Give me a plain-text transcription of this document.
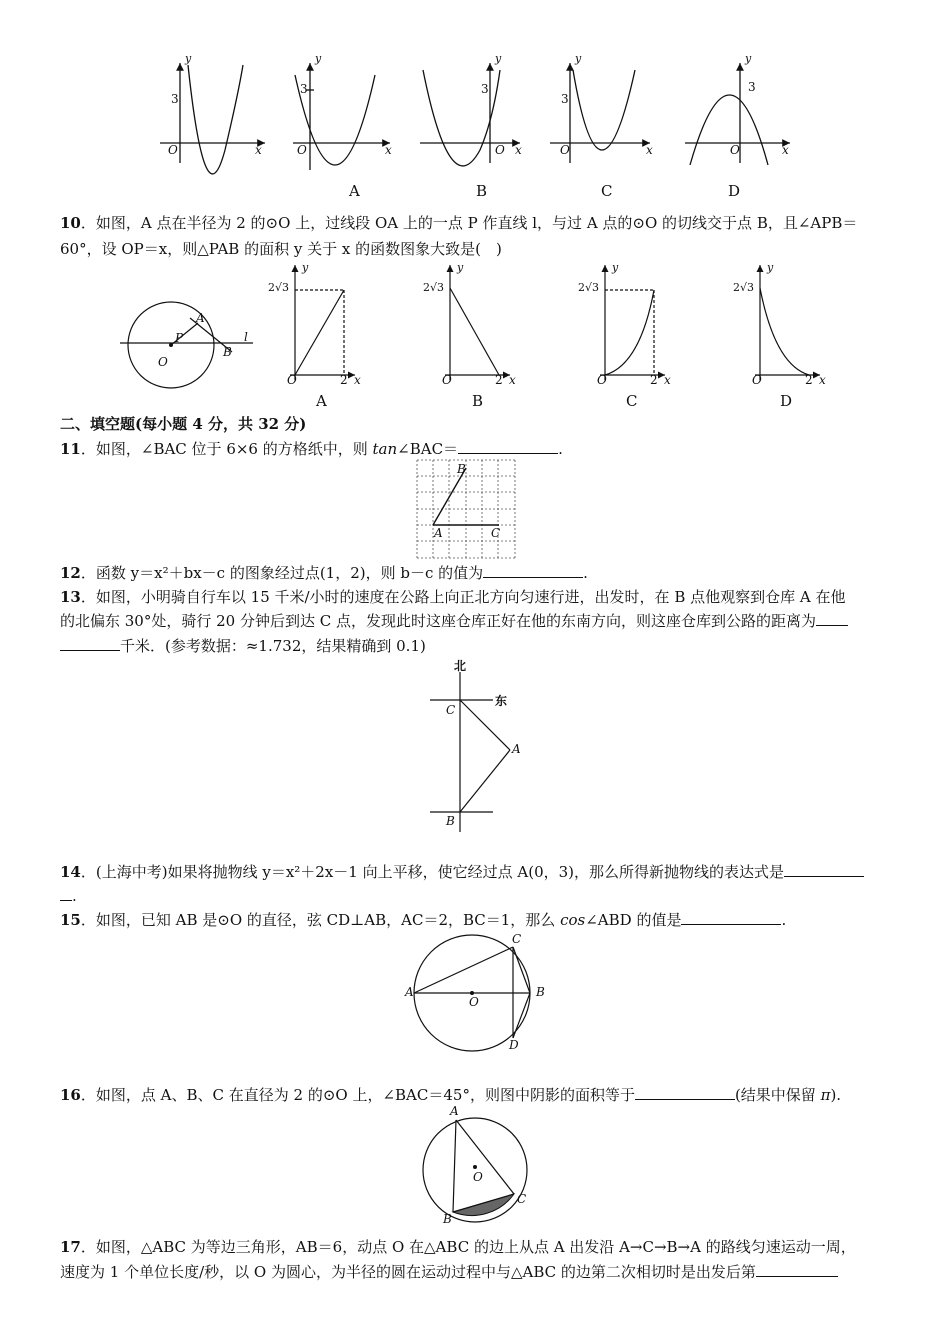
y
3
O	x
y
3
O	x
y
3
O x
y
3
O	x
y
3
O	x
A	B	C	D
10．如图，A 点在半径为 2 的⊙O 上，过线段 OA 上的一点 P 作直线 l，与过 A 点的⊙O 的切线交于点 B，且∠APB＝
60°，设 OP＝x，则△PAB 的面积 y 关于 x 的函数图象大致是(　)
A
P
O
B
l
y
2√3
O	2 x
y
2√3
O	2 x
y
2√3
O	2 x
y
2√3
O	2 x
A	B	C	D
二、填空题(每小题 4 分，共 32 分)
11．如图，∠BAC 位于 6×6 的方格纸中，则 tan∠BAC＝	.
B
A	C
12．函数 y＝x²＋bx－c 的图象经过点(1，2)，则 b－c 的值为	.
13．如图，小明骑自行车以 15 千米/小时的速度在公路上向正北方向匀速行进，出发时，在 B 点他观察到仓库 A 在他
的北偏东 30°处，骑行 20 分钟后到达 C 点，发现此时这座仓库正好在他的东南方向，则这座仓库到公路的距离为
千米．(参考数据：≈1.732，结果精确到 0.1)
北
东
C
A
B
14．(上海中考)如果将抛物线 y＝x²＋2x－1 向上平移，使它经过点 A(0，3)，那么所得新抛物线的表达式是
.
15．如图，已知 AB 是⊙O 的直径，弦 CD⊥AB，AC＝2，BC＝1，那么 cos∠ABD 的值是	.
A
O
B
C
D
16．如图，点 A、B、C 在直径为 2 的⊙O 上，∠BAC＝45°，则图中阴影的面积等于	(结果中保留 π).
A
O
B
C
17．如图，△ABC 为等边三角形，AB＝6，动点 O 在△ABC 的边上从点 A 出发沿 A→C→B→A 的路线匀速运动一周，
速度为 1 个单位长度/秒，以 O 为圆心，为半径的圆在运动过程中与△ABC 的边第二次相切时是出发后第
